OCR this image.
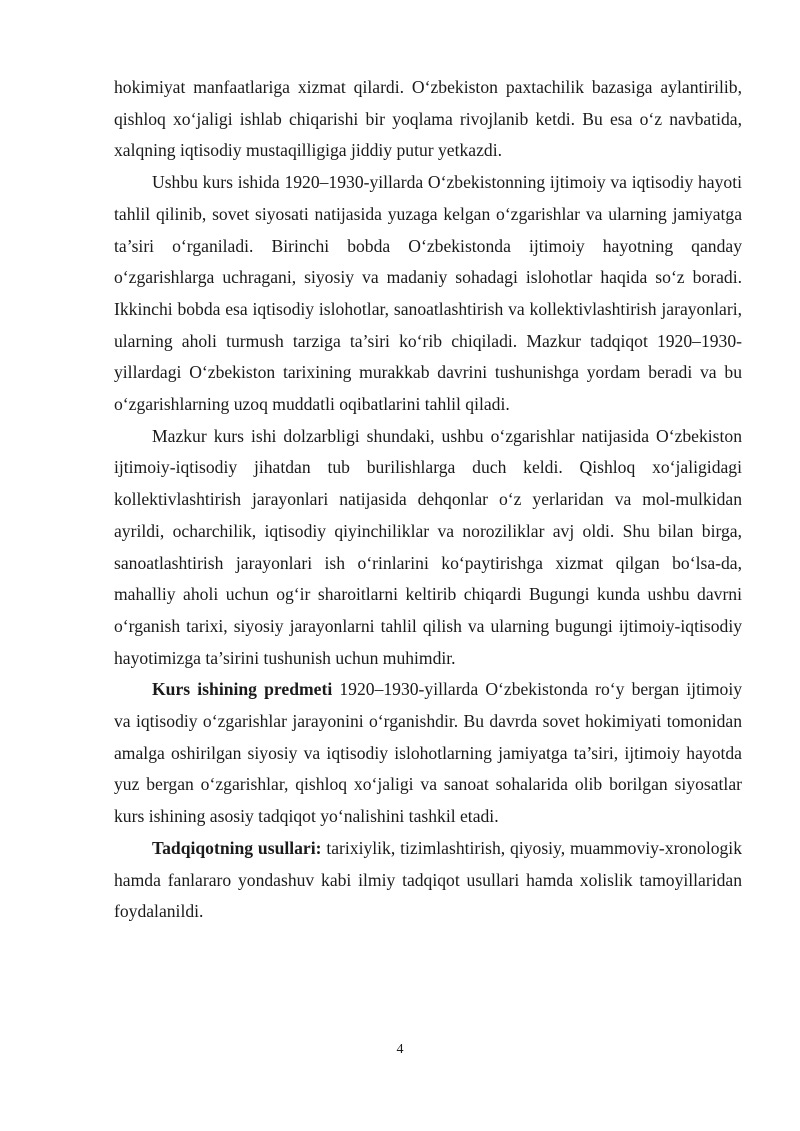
hokimiyat manfaatlariga xizmat qilardi. O‘zbekiston paxtachilik bazasiga aylantirilib, qishloq xo‘jaligi ishlab chiqarishi bir yoqlama rivojlanib ketdi. Bu esa o‘z navbatida, xalqning iqtisodiy mustaqilligiga jiddiy putur yetkazdi.

Ushbu kurs ishida 1920–1930-yillarda O‘zbekistonning ijtimoiy va iqtisodiy hayoti tahlil qilinib, sovet siyosati natijasida yuzaga kelgan o‘zgarishlar va ularning jamiyatga ta’siri o‘rganiladi. Birinchi bobda O‘zbekistonda ijtimoiy hayotning qanday o‘zgarishlarga uchragani, siyosiy va madaniy sohadagi islohotlar haqida so‘z boradi. Ikkinchi bobda esa iqtisodiy islohotlar, sanoatlashtirish va kollektivlashtirish jarayonlari, ularning aholi turmush tarziga ta’siri ko‘rib chiqiladi. Mazkur tadqiqot 1920–1930-yillardagi O‘zbekiston tarixining murakkab davrini tushunishga yordam beradi va bu o‘zgarishlarning uzoq muddatli oqibatlarini tahlil qiladi.

Mazkur kurs ishi dolzarbligi shundaki, ushbu o‘zgarishlar natijasida O‘zbekiston ijtimoiy-iqtisodiy jihatdan tub burilishlarga duch keldi. Qishloq xo‘jaligidagi kollektivlashtirish jarayonlari natijasida dehqonlar o‘z yerlaridan va mol-mulkidan ayrildi, ocharchilik, iqtisodiy qiyinchiliklar va noroziliklar avj oldi. Shu bilan birga, sanoatlashtirish jarayonlari ish o‘rinlarini ko‘paytirishga xizmat qilgan bo‘lsa-da, mahalliy aholi uchun og‘ir sharoitlarni keltirib chiqardi Bugungi kunda ushbu davrni o‘rganish tarixi, siyosiy jarayonlarni tahlil qilish va ularning bugungi ijtimoiy-iqtisodiy hayotimizga ta’sirini tushunish uchun muhimdir.

Kurs ishining predmeti 1920–1930-yillarda O‘zbekistonda ro‘y bergan ijtimoiy va iqtisodiy o‘zgarishlar jarayonini o‘rganishdir. Bu davrda sovet hokimiyati tomonidan amalga oshirilgan siyosiy va iqtisodiy islohotlarning jamiyatga ta’siri, ijtimoiy hayotda yuz bergan o‘zgarishlar, qishloq xo‘jaligi va sanoat sohalarida olib borilgan siyosatlar kurs ishining asosiy tadqiqot yo‘nalishini tashkil etadi.

Tadqiqotning usullari: tarixiylik, tizimlashtirish, qiyosiy, muammoviy-xronologik hamda fanlararo yondashuv kabi ilmiy tadqiqot usullari hamda xolislik tamoyillaridan foydalanildi.

4
